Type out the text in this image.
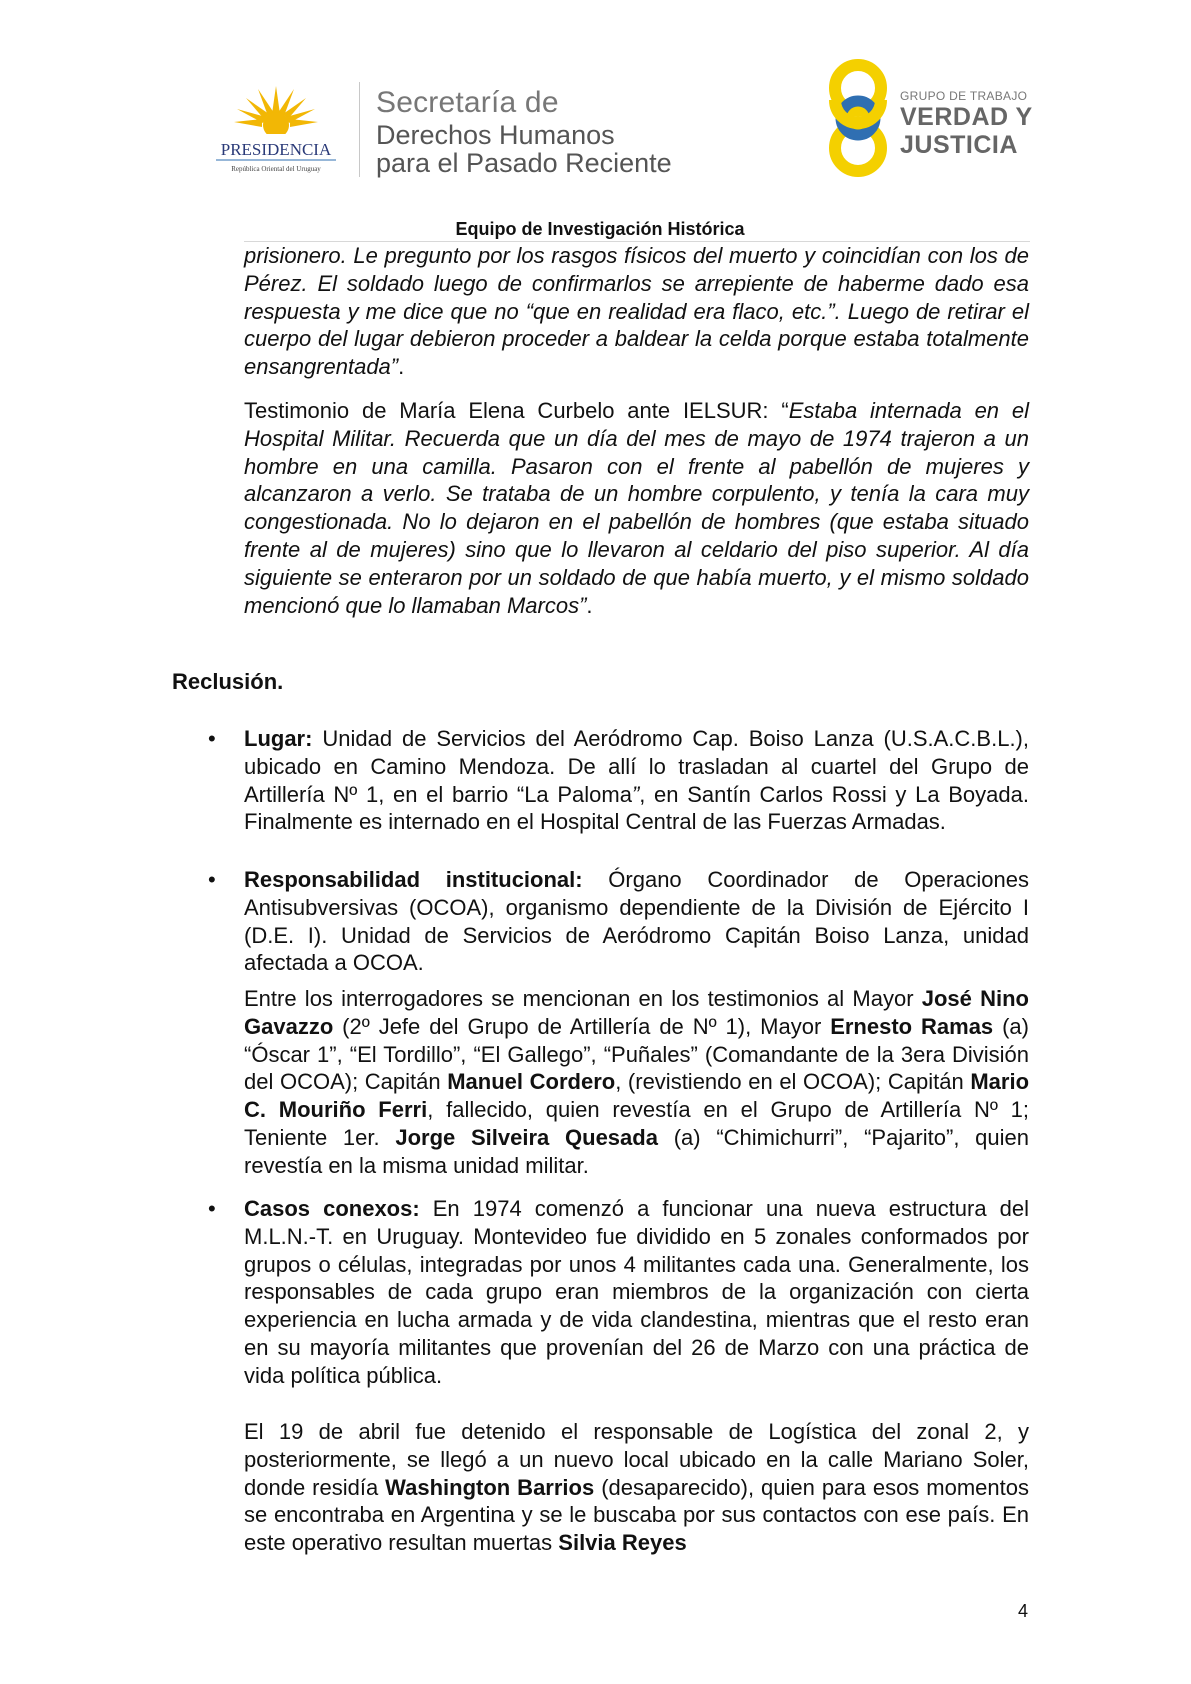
PRESIDENCIA
República Oriental del Uruguay
Secretaría de
Derechos Humanos
para el Pasado Reciente
GRUPO DE TRABAJO
VERDAD Y
JUSTICIA
Equipo de Investigación Histórica

prisionero. Le pregunto por los rasgos físicos del muerto y coincidían con los de Pérez. El soldado luego de confirmarlos se arrepiente de haberme dado esa respuesta y me dice que no “que en realidad era flaco, etc.”. Luego de retirar el cuerpo del lugar debieron proceder a baldear la celda porque estaba totalmente ensangrentada”.

Testimonio de María Elena Curbelo ante IELSUR: “Estaba internada en el Hospital Militar. Recuerda que un día del mes de mayo de 1974 trajeron a un hombre en una camilla. Pasaron con el frente al pabellón de mujeres y alcanzaron a verlo. Se trataba de un hombre corpulento, y tenía la cara muy congestionada. No lo dejaron en el pabellón de hombres (que estaba situado frente al de mujeres) sino que lo llevaron al celdario del piso superior. Al día siguiente se enteraron por un soldado de que había muerto, y el mismo soldado mencionó que lo llamaban Marcos”.

Reclusión.
• Lugar: Unidad de Servicios del Aeródromo Cap. Boiso Lanza (U.S.A.C.B.L.), ubicado en Camino Mendoza. De allí lo trasladan al cuartel del Grupo de Artillería Nº 1, en el barrio “La Paloma”, en Santín Carlos Rossi y La Boyada. Finalmente es internado en el Hospital Central de las Fuerzas Armadas.

• Responsabilidad institucional: Órgano Coordinador de Operaciones Antisubversivas (OCOA), organismo dependiente de la División de Ejército I (D.E. I). Unidad de Servicios de Aeródromo Capitán Boiso Lanza, unidad afectada a OCOA.

Entre los interrogadores se mencionan en los testimonios al Mayor José Nino Gavazzo (2º Jefe del Grupo de Artillería de Nº 1), Mayor Ernesto Ramas (a) “Óscar 1”, “El Tordillo”, “El Gallego”, “Puñales” (Comandante de la 3era División del OCOA); Capitán Manuel Cordero, (revistiendo en el OCOA); Capitán Mario C. Mouriño Ferri, fallecido, quien revestía en el Grupo de Artillería Nº 1; Teniente 1er. Jorge Silveira Quesada (a) “Chimichurri”, “Pajarito”, quien revestía en la misma unidad militar.

• Casos conexos: En 1974 comenzó a funcionar una nueva estructura del M.L.N.-T. en Uruguay. Montevideo fue dividido en 5 zonales conformados por grupos o células, integradas por unos 4 militantes cada una. Generalmente, los responsables de cada grupo eran miembros de la organización con cierta experiencia en lucha armada y de vida clandestina, mientras que el resto eran en su mayoría militantes que provenían del 26 de Marzo con una práctica de vida política pública.

El 19 de abril fue detenido el responsable de Logística del zonal 2, y posteriormente, se llegó a un nuevo local ubicado en la calle Mariano Soler, donde residía Washington Barrios (desaparecido), quien para esos momentos se encontraba en Argentina y se le buscaba por sus contactos con ese país. En este operativo resultan muertas Silvia Reyes

4
